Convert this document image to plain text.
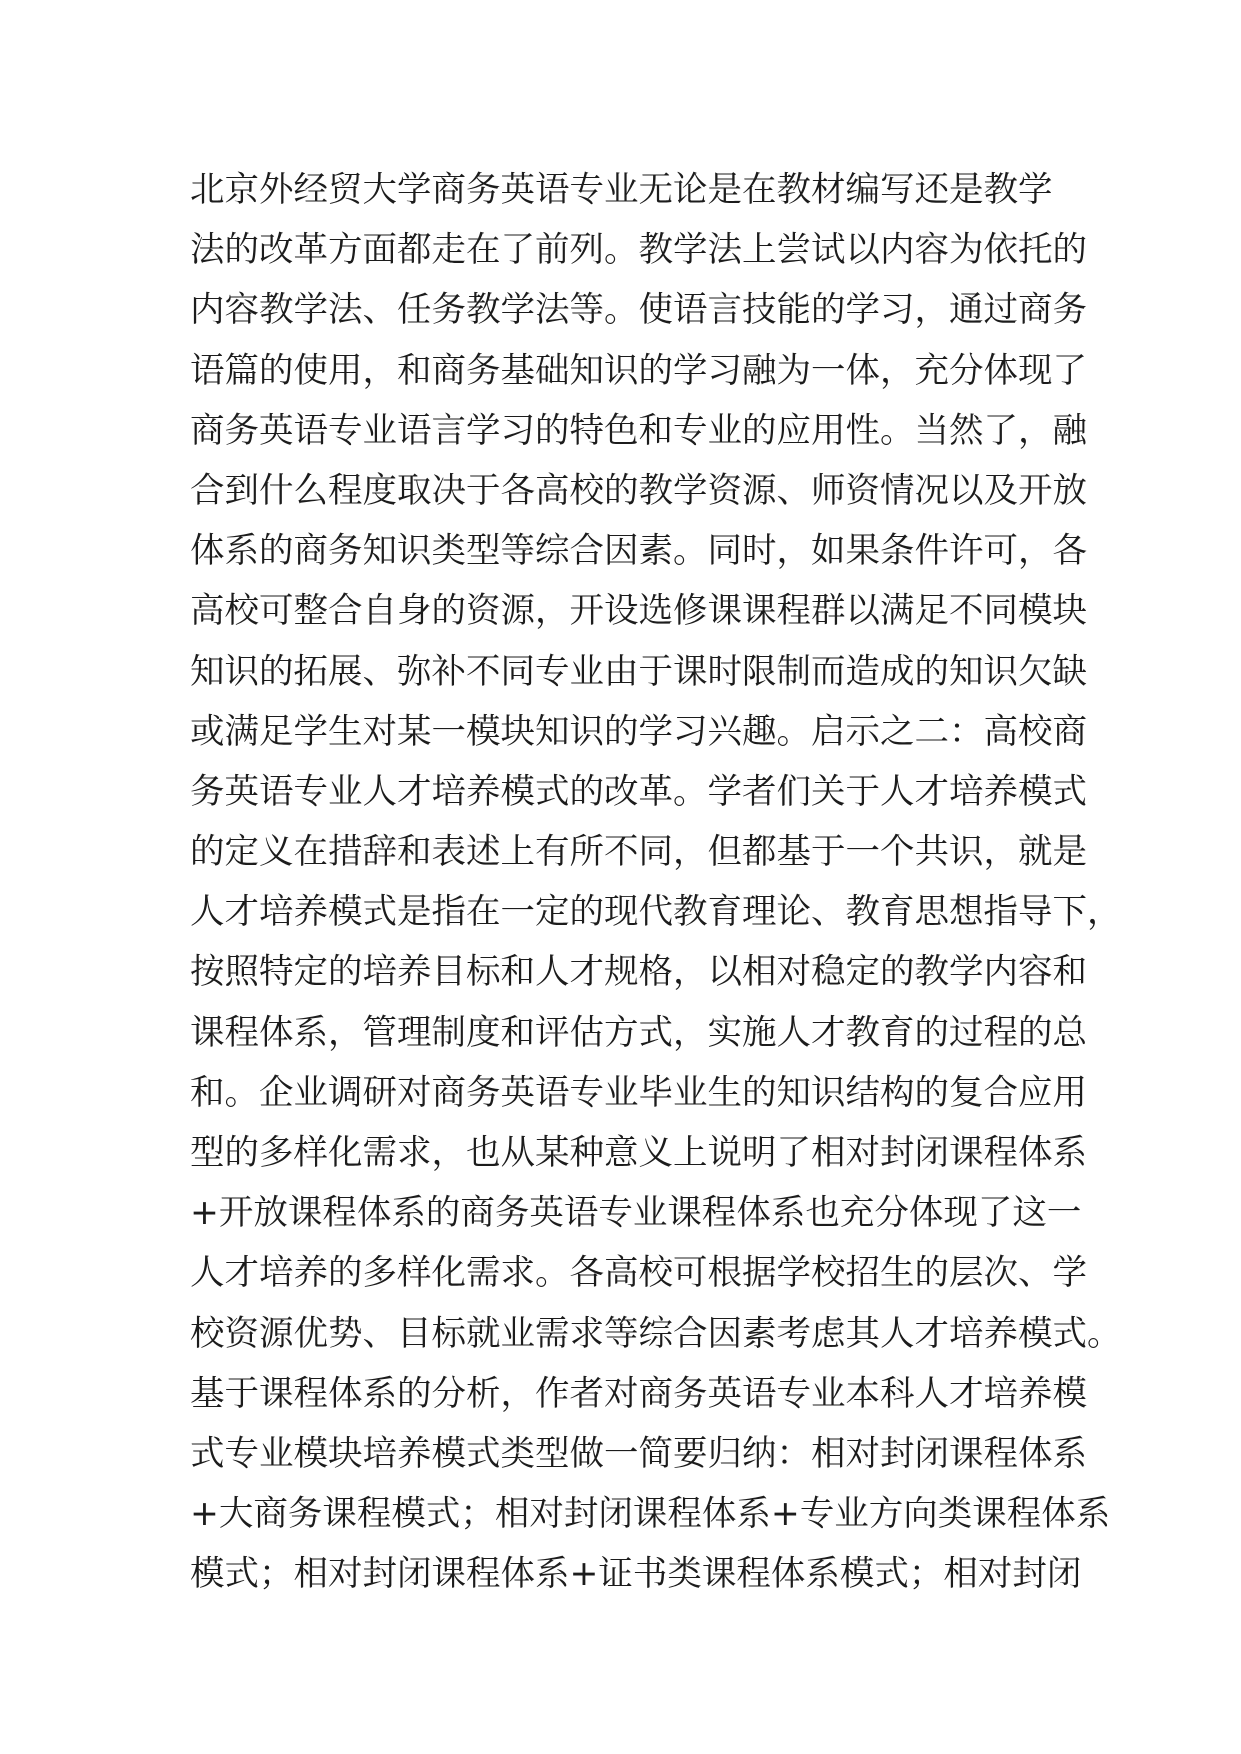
北京外经贸大学商务英语专业无论是在教材编写还是教学
法的改革方面都走在了前列。教学法上尝试以内容为依托的
内容教学法、任务教学法等。使语言技能的学习，通过商务
语篇的使用，和商务基础知识的学习融为一体，充分体现了
商务英语专业语言学习的特色和专业的应用性。当然了，融
合到什么程度取决于各高校的教学资源、师资情况以及开放
体系的商务知识类型等综合因素。同时，如果条件许可，各
高校可整合自身的资源，开设选修课课程群以满足不同模块
知识的拓展、弥补不同专业由于课时限制而造成的知识欠缺
或满足学生对某一模块知识的学习兴趣。启示之二：高校商
务英语专业人才培养模式的改革。学者们关于人才培养模式
的定义在措辞和表述上有所不同，但都基于一个共识，就是
人才培养模式是指在一定的现代教育理论、教育思想指导下，
按照特定的培养目标和人才规格，以相对稳定的教学内容和
课程体系，管理制度和评估方式，实施人才教育的过程的总
和。企业调研对商务英语专业毕业生的知识结构的复合应用
型的多样化需求，也从某种意义上说明了相对封闭课程体系
+开放课程体系的商务英语专业课程体系也充分体现了这一
人才培养的多样化需求。各高校可根据学校招生的层次、学
校资源优势、目标就业需求等综合因素考虑其人才培养模式。
基于课程体系的分析，作者对商务英语专业本科人才培养模
式专业模块培养模式类型做一简要归纳：相对封闭课程体系
+大商务课程模式；相对封闭课程体系+专业方向类课程体系
模式；相对封闭课程体系+证书类课程体系模式；相对封闭
